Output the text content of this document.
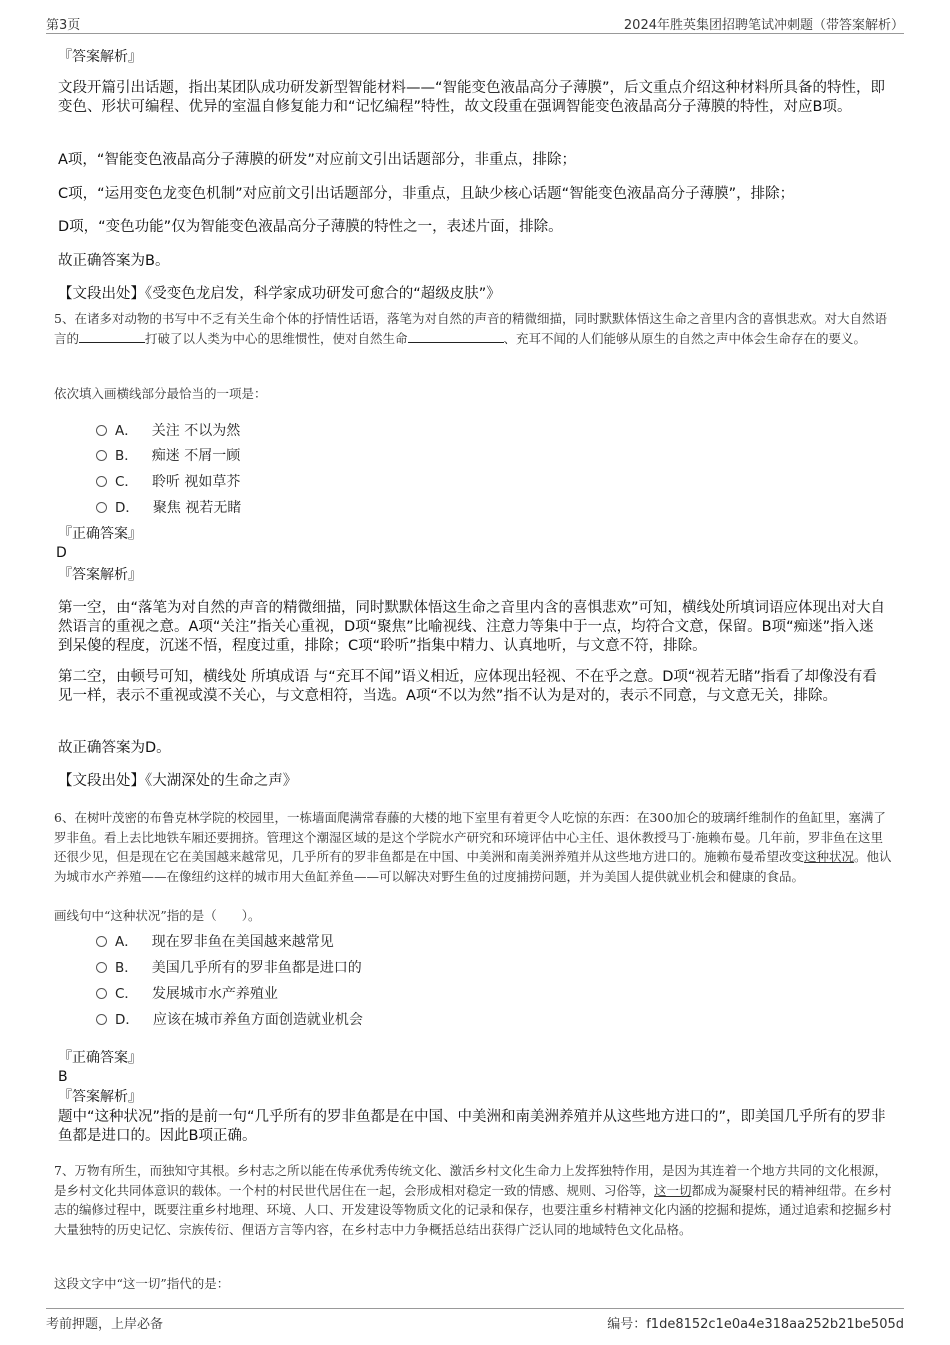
第3页	2024年胜英集团招聘笔试冲刺题（带答案解析）
『答案解析』
文段开篇引出话题，指出某团队成功研发新型智能材料——“智能变色液晶高分子薄膜”，后文重点介绍这种材料所具备的特性，即变色、形状可编程、优异的室温自修复能力和“记忆编程”特性，故文段重在强调智能变色液晶高分子薄膜的特性，对应B项。
A项，“智能变色液晶高分子薄膜的研发”对应前文引出话题部分，非重点，排除；
C项，“运用变色龙变色机制”对应前文引出话题部分，非重点，且缺少核心话题“智能变色液晶高分子薄膜”，排除；
D项，“变色功能”仅为智能变色液晶高分子薄膜的特性之一，表述片面，排除。
故正确答案为B。
【文段出处】《受变色龙启发，科学家成功研发可愈合的“超级皮肤”》
5、在诸多对动物的书写中不乏有关生命个体的抒情性话语，落笔为对自然的声音的精微细描，同时默默体悟这生命之音里内含的喜惧悲欢。对大自然语言的	打破了以人类为中心的思维惯性，使对自然生命	、充耳不闻的人们能够从原生的自然之声中体会生命存在的要义。
依次填入画横线部分最恰当的一项是：
A． 关注 不以为然
B． 痴迷 不屑一顾
C． 聆听 视如草芥
D． 聚焦 视若无睹
『正确答案』
D
『答案解析』
第一空，由“落笔为对自然的声音的精微细描，同时默默体悟这生命之音里内含的喜惧悲欢”可知，横线处所填词语应体现出对大自然语言的重视之意。A项“关注”指关心重视，D项“聚焦”比喻视线、注意力等集中于一点，均符合文意，保留。B项“痴迷”指入迷到呆傻的程度，沉迷不悟，程度过重，排除；C项“聆听”指集中精力、认真地听，与文意不符，排除。
第二空，由顿号可知，横线处 所填成语 与“充耳不闻”语义相近，应体现出轻视、不在乎之意。D项“视若无睹”指看了却像没有看见一样，表示不重视或漠不关心，与文意相符，当选。A项“不以为然”指不认为是对的，表示不同意，与文意无关，排除。
故正确答案为D。
【文段出处】《大湖深处的生命之声》
6、在树叶茂密的布鲁克林学院的校园里，一栋墙面爬满常春藤的大楼的地下室里有着更令人吃惊的东西：在300加仑的玻璃纤维制作的鱼缸里，塞满了罗非鱼。看上去比地铁车厢还要拥挤。管理这个潮湿区域的是这个学院水产研究和环境评估中心主任、退休教授马丁·施赖布曼。几年前，罗非鱼在这里还很少见，但是现在它在美国越来越常见，几乎所有的罗非鱼都是在中国、中美洲和南美洲养殖并从这些地方进口的。施赖布曼希望改变这种状况。他认为城市水产养殖——在像纽约这样的城市用大鱼缸养鱼——可以解决对野生鱼的过度捕捞问题，并为美国人提供就业机会和健康的食品。
画线句中“这种状况”指的是（　　）。
A． 现在罗非鱼在美国越来越常见
B． 美国几乎所有的罗非鱼都是进口的
C． 发展城市水产养殖业
D． 应该在城市养鱼方面创造就业机会
『正确答案』
B
『答案解析』
题中“这种状况”指的是前一句“几乎所有的罗非鱼都是在中国、中美洲和南美洲养殖并从这些地方进口的”，即美国几乎所有的罗非鱼都是进口的。因此B项正确。
7、万物有所生，而独知守其根。乡村志之所以能在传承优秀传统文化、激活乡村文化生命力上发挥独特作用，是因为其连着一个地方共同的文化根源，是乡村文化共同体意识的载体。一个村的村民世代居住在一起，会形成相对稳定一致的情感、规则、习俗等，这一切都成为凝聚村民的精神纽带。在乡村志的编修过程中，既要注重乡村地理、环境、人口、开发建设等物质文化的记录和保存，也要注重乡村精神文化内涵的挖掘和提炼，通过追索和挖掘乡村大量独特的历史记忆、宗族传衍、俚语方言等内容，在乡村志中力争概括总结出获得广泛认同的地域特色文化品格。
这段文字中“这一切”指代的是：
考前押题，上岸必备	编号：f1de8152c1e0a4e318aa252b21be505d
